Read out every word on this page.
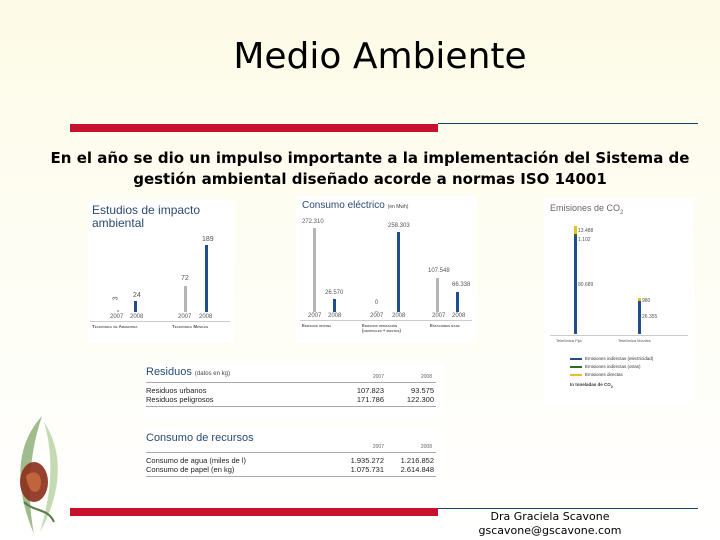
Medio Ambiente
En el año se dio un impulso importante a la implementación del Sistema de
gestión ambiental diseñado acorde a normas ISO 14001
Estudios de impacto
ambiental
3 24
2007 2008
72
189
2007 2008
Telefónica de Argentina	Telefónica Móviles
Consumo eléctrico (en Mwh)
272.310
26.570
2007 2008
0
258.303
2007 2008
107.548
66.338
2007 2008
Edificios oficina	Edificios operación (centrales + mostos)
Estaciones base
Emisiones de $CO_2$
13.488
1.102
80.689
980
26.355
Telefónica Fija	Telefónica Móviles
Emisiones indirectas (electricidad)
Emisiones indirectas (otras)
Emisiones directas
In toneladas de $CO_2$
Residuos (datos en kg)	2007	2008
Residuos urbanos	107.823	93.575
Residuos peligrosos	171.786	122.300
Consumo de recursos
2007	2008
Consumo de agua (miles de l)	1.935.272	1.216.852
Consumo de papel (en kg)	1.075.731	2.614.848
Dra Graciela Scavone
gscavone@gscavone.com
